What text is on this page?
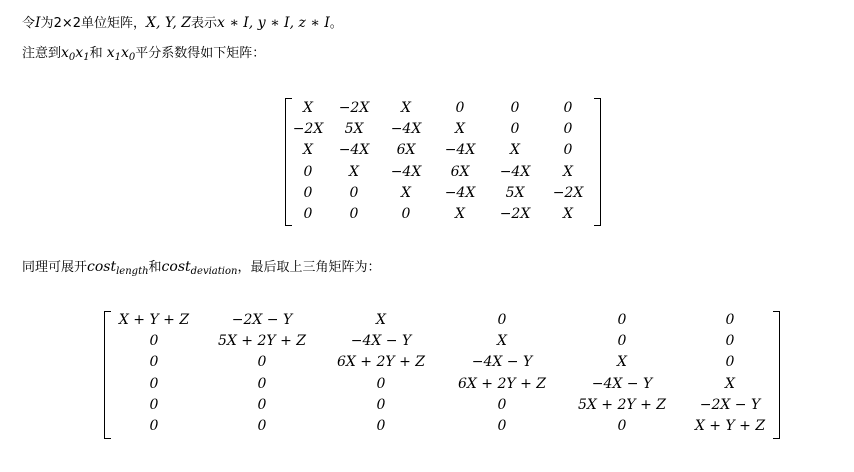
令I为2×2单位矩阵，X, Y, Z表示x ∗ I, y ∗ I, z ∗ I。
注意到$x_0x_1$和 $x_1x_0$平分系数得如下矩阵：
X	−2X	X	0	0	0
−2X	5X	−4X	X	0	0
X	−4X	6X	−4X	X	0
0	X	−4X	6X	−4X	X
0	0	X	−4X	5X	−2X
0	0	0	X	−2X	X
同理可展开cost$_{length}$和cost$_{deviation}$，最后取上三角矩阵为：
X + Y + Z	−2X − Y	X	0	0	0
0	5X + 2Y + Z	−4X − Y	X	0	0
0	0	6X + 2Y + Z	−4X − Y	X	0
0	0	0	6X + 2Y + Z	−4X − Y	X
0	0	0	0	5X + 2Y + Z	−2X − Y
0	0	0	0	0	X + Y + Z
